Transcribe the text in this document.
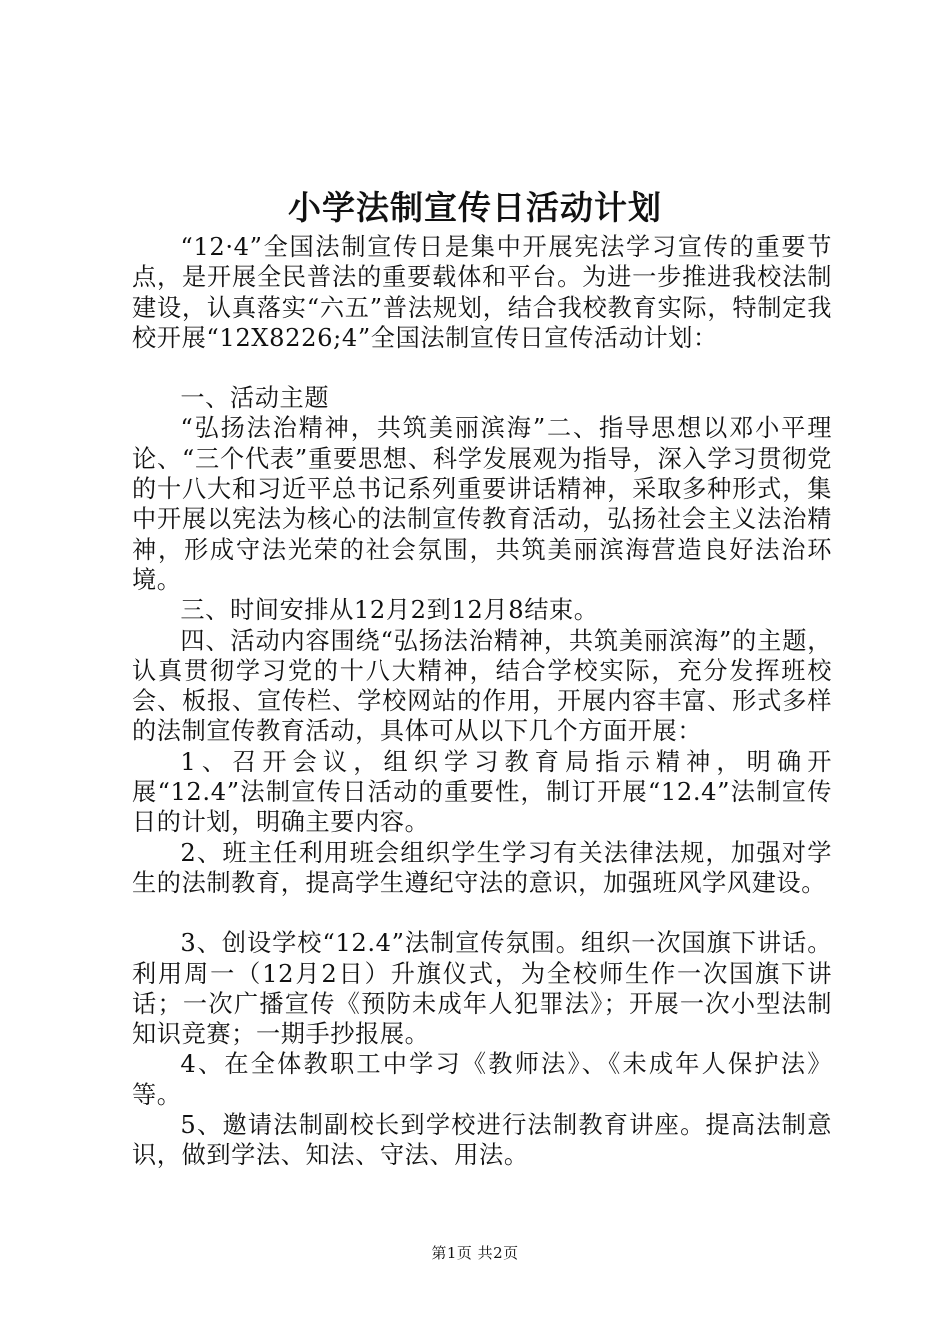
小学法制宣传日活动计划

“12·4”全国法制宣传日是集中开展宪法学习宣传的重要节点，是开展全民普法的重要载体和平台。为进一步推进我校法制建设，认真落实“六五”普法规划，结合我校教育实际，特制定我校开展“12X8226;4”全国法制宣传日宣传活动计划：

一、活动主题

“弘扬法治精神，共筑美丽滨海”二、指导思想以邓小平理论、“三个代表”重要思想、科学发展观为指导，深入学习贯彻党的十八大和习近平总书记系列重要讲话精神，采取多种形式，集中开展以宪法为核心的法制宣传教育活动，弘扬社会主义法治精神，形成守法光荣的社会氛围，共筑美丽滨海营造良好法治环境。

三、时间安排从12月2到12月8结束。

四、活动内容围绕“弘扬法治精神，共筑美丽滨海”的主题，认真贯彻学习党的十八大精神，结合学校实际，充分发挥班校会、板报、宣传栏、学校网站的作用，开展内容丰富、形式多样的法制宣传教育活动，具体可从以下几个方面开展：

1、召开会议，组织学习教育局指示精神，明确开展“12.4”法制宣传日活动的重要性，制订开展“12.4”法制宣传日的计划，明确主要内容。

2、班主任利用班会组织学生学习有关法律法规，加强对学生的法制教育，提高学生遵纪守法的意识，加强班风学风建设。

3、创设学校“12.4”法制宣传氛围。组织一次国旗下讲话。利用周一（12月2日）升旗仪式，为全校师生作一次国旗下讲话；一次广播宣传《预防未成年人犯罪法》；开展一次小型法制知识竞赛；一期手抄报展。

4、在全体教职工中学习《教师法》、《未成年人保护法》等。

5、邀请法制副校长到学校进行法制教育讲座。提高法制意识，做到学法、知法、守法、用法。

第1页 共2页
